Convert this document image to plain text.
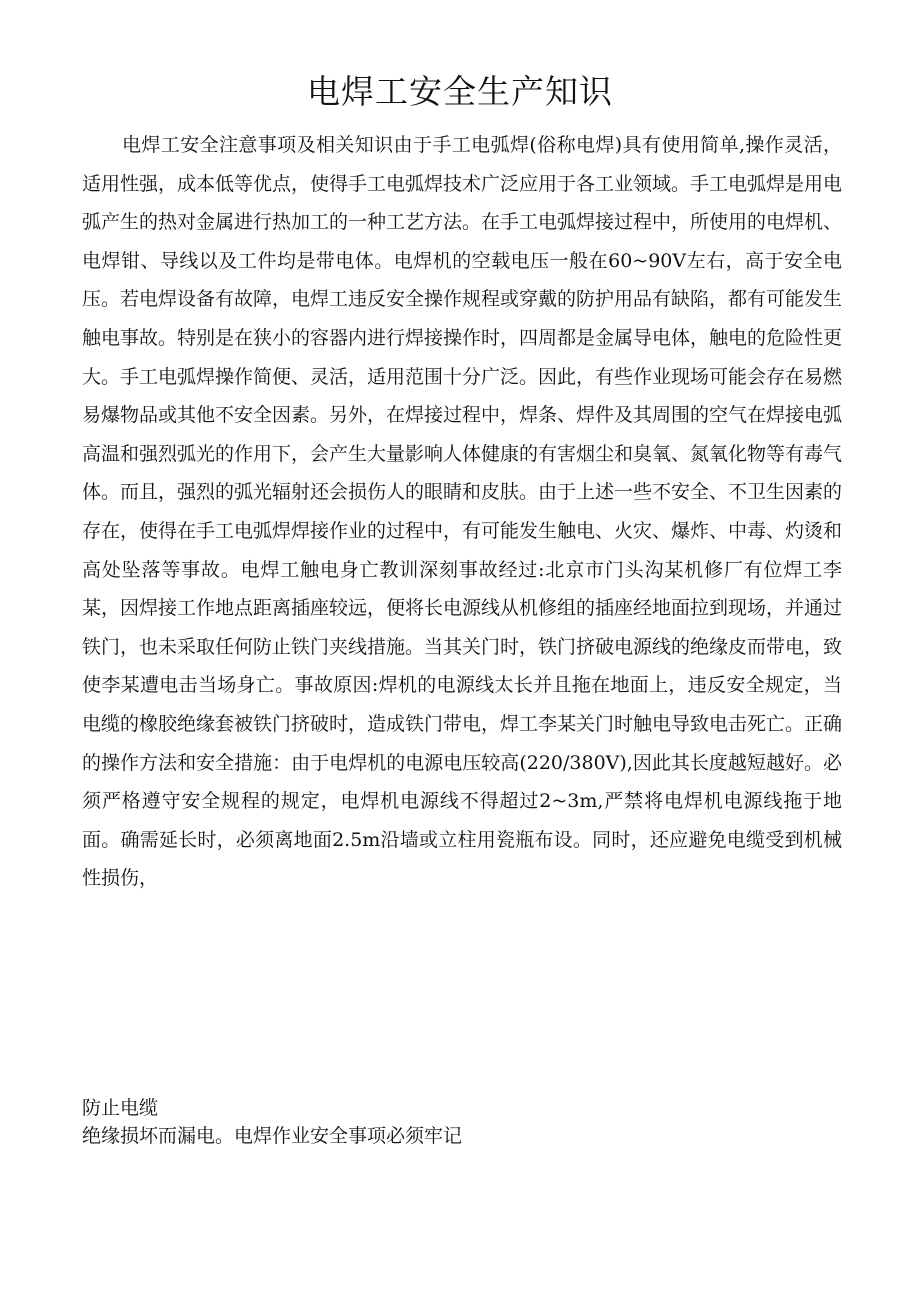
电焊工安全生产知识

电焊工安全注意事项及相关知识由于手工电弧焊(俗称电焊)具有使用简单,操作灵活，适用性强，成本低等优点，使得手工电弧焊技术广泛应用于各工业领域。手工电弧焊是用电弧产生的热对金属进行热加工的一种工艺方法。在手工电弧焊接过程中，所使用的电焊机、电焊钳、导线以及工件均是带电体。电焊机的空载电压一般在60~90V左右，高于安全电压。若电焊设备有故障，电焊工违反安全操作规程或穿戴的防护用品有缺陷，都有可能发生触电事故。特别是在狭小的容器内进行焊接操作时，四周都是金属导电体，触电的危险性更大。手工电弧焊操作简便、灵活，适用范围十分广泛。因此，有些作业现场可能会存在易燃易爆物品或其他不安全因素。另外，在焊接过程中，焊条、焊件及其周围的空气在焊接电弧高温和强烈弧光的作用下，会产生大量影响人体健康的有害烟尘和臭氧、氮氧化物等有毒气体。而且，强烈的弧光辐射还会损伤人的眼睛和皮肤。由于上述一些不安全、不卫生因素的存在，使得在手工电弧焊焊接作业的过程中，有可能发生触电、火灾、爆炸、中毒、灼烫和高处坠落等事故。电焊工触电身亡教训深刻事故经过:北京市门头沟某机修厂有位焊工李某，因焊接工作地点距离插座较远，便将长电源线从机修组的插座经地面拉到现场，并通过铁门，也未采取任何防止铁门夹线措施。当其关门时，铁门挤破电源线的绝缘皮而带电，致使李某遭电击当场身亡。事故原因:焊机的电源线太长并且拖在地面上，违反安全规定，当电缆的橡胶绝缘套被铁门挤破时，造成铁门带电，焊工李某关门时触电导致电击死亡。正确的操作方法和安全措施：由于电焊机的电源电压较高(220/380V),因此其长度越短越好。必须严格遵守安全规程的规定，电焊机电源线不得超过2~3m,严禁将电焊机电源线拖于地面。确需延长时，必须离地面2.5m沿墙或立柱用瓷瓶布设。同时，还应避免电缆受到机械性损伤，

防止电缆

绝缘损坏而漏电。电焊作业安全事项必须牢记
